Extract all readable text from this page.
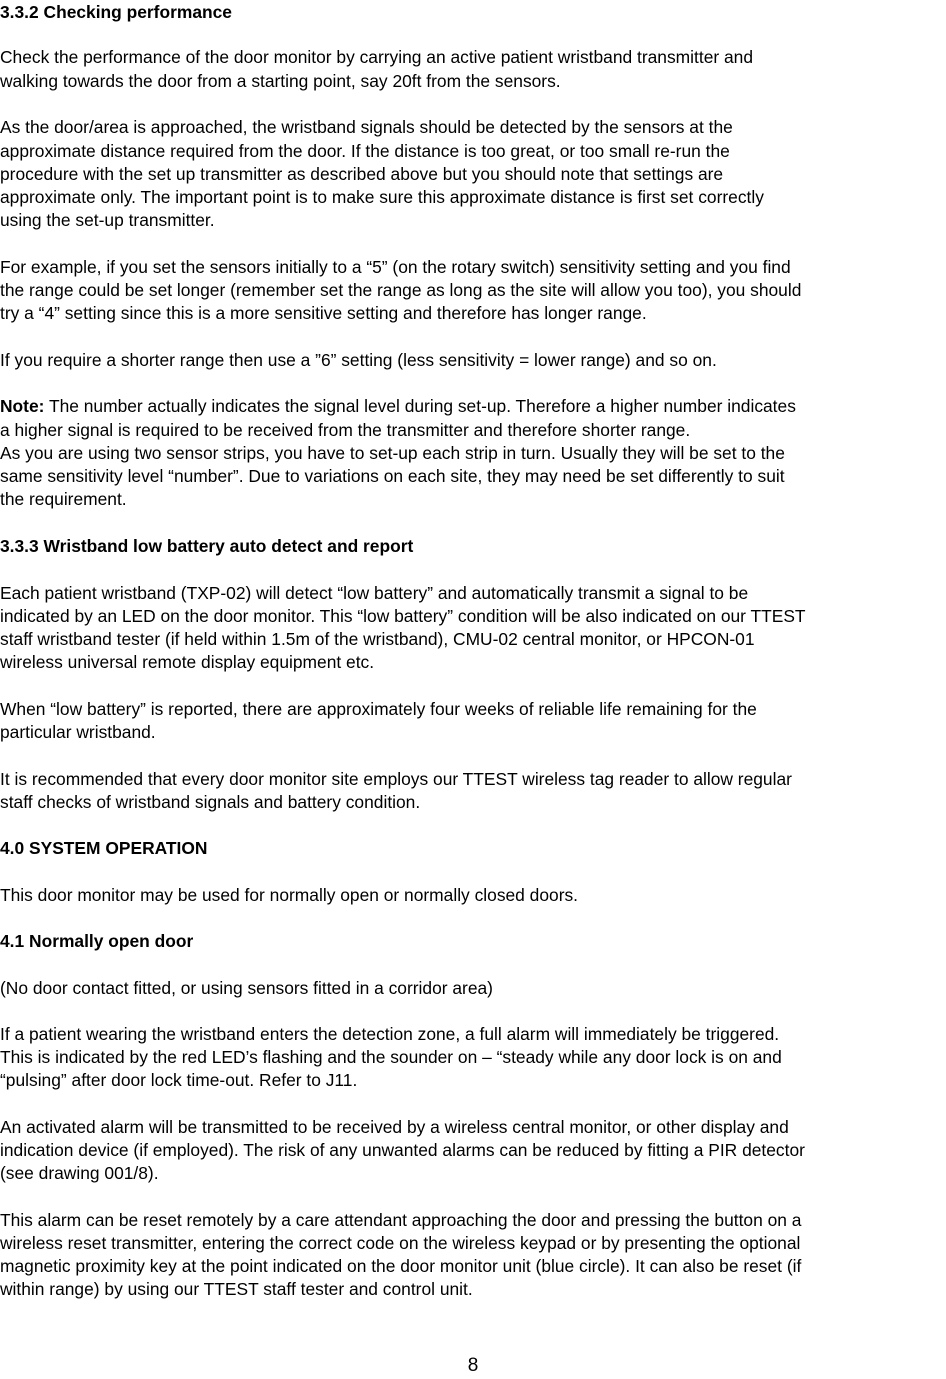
3.3.2 Checking performance

Check the performance of the door monitor by carrying an active patient wristband transmitter and

walking towards the door from a starting point, say 20ft from the sensors.

As the door/area is approached, the wristband signals should be detected by the sensors at the

approximate distance required from the door. If the distance is too great, or too small re-run the

procedure with the set up transmitter as described above but you should note that settings are

approximate only. The important point is to make sure this approximate distance is first set correctly

using the set-up transmitter.

For example, if you set the sensors initially to a “5” (on the rotary switch) sensitivity setting and you find

the range could be set longer (remember set the range as long as the site will allow you too), you should

try a “4” setting since this is a more sensitive setting and therefore has longer range.

If you require a shorter range then use a ”6” setting (less sensitivity = lower range) and so on.

Note: The number actually indicates the signal level during set-up. Therefore a higher number indicates

a higher signal is required to be received from the transmitter and therefore shorter range.

As you are using two sensor strips, you have to set-up each strip in turn. Usually they will be set to the

same sensitivity level “number”. Due to variations on each site, they may need be set differently to suit

the requirement.

3.3.3 Wristband low battery auto detect and report

Each patient wristband (TXP-02) will detect “low battery” and automatically transmit a signal to be

indicated by an LED on the door monitor. This “low battery” condition will be also indicated on our TTEST

staff wristband tester (if held within 1.5m of the wristband), CMU-02 central monitor, or HPCON-01

wireless universal remote display equipment etc.

When “low battery” is reported, there are approximately four weeks of reliable life remaining for the

particular wristband.

It is recommended that every door monitor site employs our TTEST wireless tag reader to allow regular

staff checks of wristband signals and battery condition.

4.0 SYSTEM OPERATION

This door monitor may be used for normally open or normally closed doors.

4.1 Normally open door

(No door contact fitted, or using sensors fitted in a corridor area)

If a patient wearing the wristband enters the detection zone, a full alarm will immediately be triggered.

This is indicated by the red LED’s flashing and the sounder on – “steady while any door lock is on and

“pulsing” after door lock time-out. Refer to J11.

An activated alarm will be transmitted to be received by a wireless central monitor, or other display and

indication device (if employed). The risk of any unwanted alarms can be reduced by fitting a PIR detector

(see drawing 001/8).

This alarm can be reset remotely by a care attendant approaching the door and pressing the button on a

wireless reset transmitter, entering the correct code on the wireless keypad or by presenting the optional

magnetic proximity key at the point indicated on the door monitor unit (blue circle). It can also be reset (if

within range) by using our TTEST staff tester and control unit.

8
